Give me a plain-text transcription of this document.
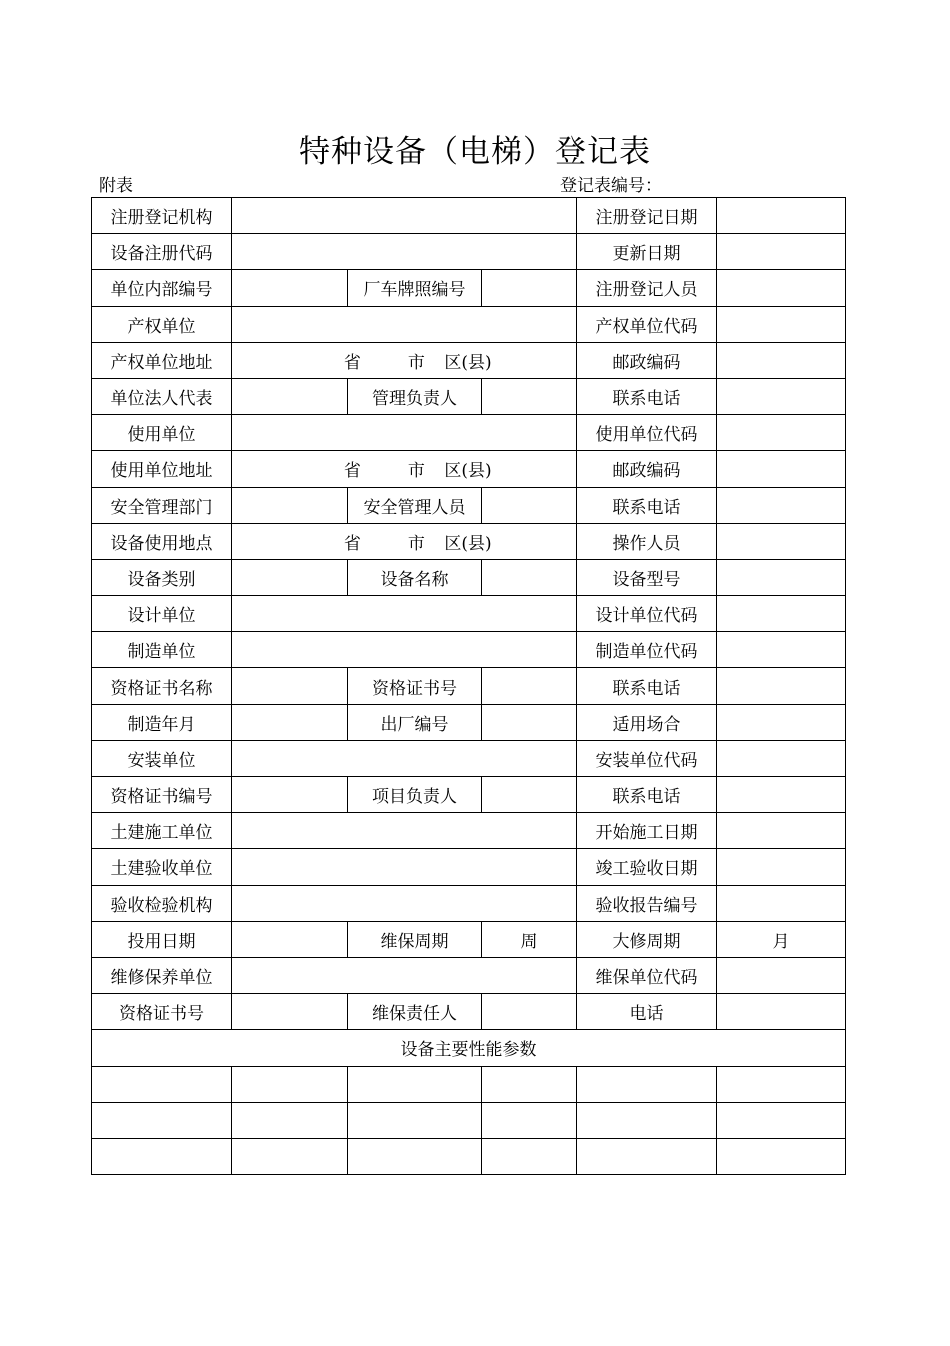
特种设备（电梯）登记表
附表	登记表编号：
注册登记机构				注册登记日期	
设备注册代码				更新日期	
单位内部编号		厂车牌照编号		注册登记人员	
产权单位				产权单位代码	
产权单位地址	省 市 区(县)			邮政编码	
单位法人代表		管理负责人		联系电话	
使用单位				使用单位代码	
使用单位地址	省 市 区(县)			邮政编码	
安全管理部门		安全管理人员		联系电话	
设备使用地点	省 市 区(县)			操作人员	
设备类别		设备名称		设备型号	
设计单位				设计单位代码	
制造单位				制造单位代码	
资格证书名称		资格证书号		联系电话	
制造年月		出厂编号		适用场合	
安装单位				安装单位代码	
资格证书编号		项目负责人		联系电话	
土建施工单位				开始施工日期	
土建验收单位				竣工验收日期	
验收检验机构				验收报告编号	
投用日期		维保周期	周	大修周期	月
维修保养单位				维保单位代码	
资格证书号		维保责任人		电话	
设备主要性能参数					
